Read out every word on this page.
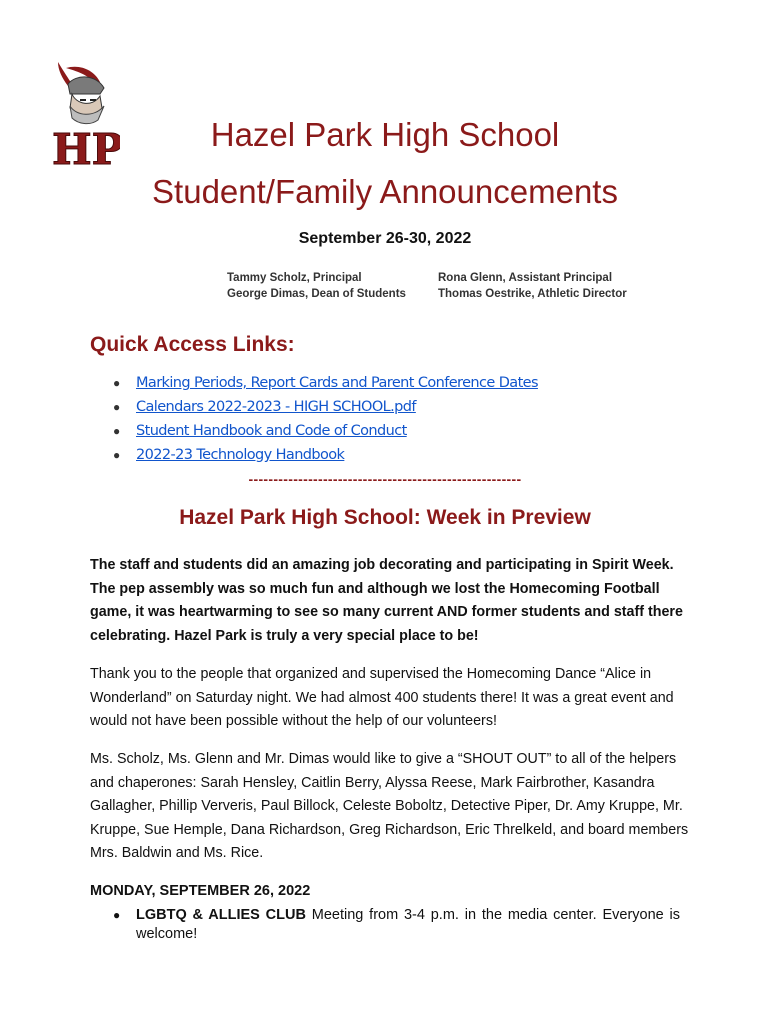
HP	Hazel Park High School
Student/Family Announcements
September 26-30, 2022
Tammy Scholz, Principal
George Dimas, Dean of Students
Rona Glenn, Assistant Principal
Thomas Oestrike, Athletic Director
Quick Access Links:
● Marking Periods, Report Cards and Parent Conference Dates
● Calendars 2022-2023 - HIGH SCHOOL.pdf
● Student Handbook and Code of Conduct
● 2022-23 Technology Handbook
-------------------------------------------------------
Hazel Park High School: Week in Preview
The staff and students did an amazing job decorating and participating in Spirit Week. The pep assembly was so much fun and although we lost the Homecoming Football game, it was heartwarming to see so many current AND former students and staff there celebrating. Hazel Park is truly a very special place to be!
Thank you to the people that organized and supervised the Homecoming Dance “Alice in Wonderland” on Saturday night. We had almost 400 students there! It was a great event and would not have been possible without the help of our volunteers!
Ms. Scholz, Ms. Glenn and Mr. Dimas would like to give a “SHOUT OUT” to all of the helpers and chaperones: Sarah Hensley, Caitlin Berry, Alyssa Reese, Mark Fairbrother, Kasandra Gallagher, Phillip Ververis, Paul Billock, Celeste Boboltz, Detective Piper, Dr. Amy Kruppe, Mr. Kruppe, Sue Hemple, Dana Richardson, Greg Richardson, Eric Threlkeld, and board members Mrs. Baldwin and Ms. Rice.
MONDAY, SEPTEMBER 26, 2022
● LGBTQ & ALLIES CLUB Meeting from 3-4 p.m. in the media center. Everyone is welcome!
